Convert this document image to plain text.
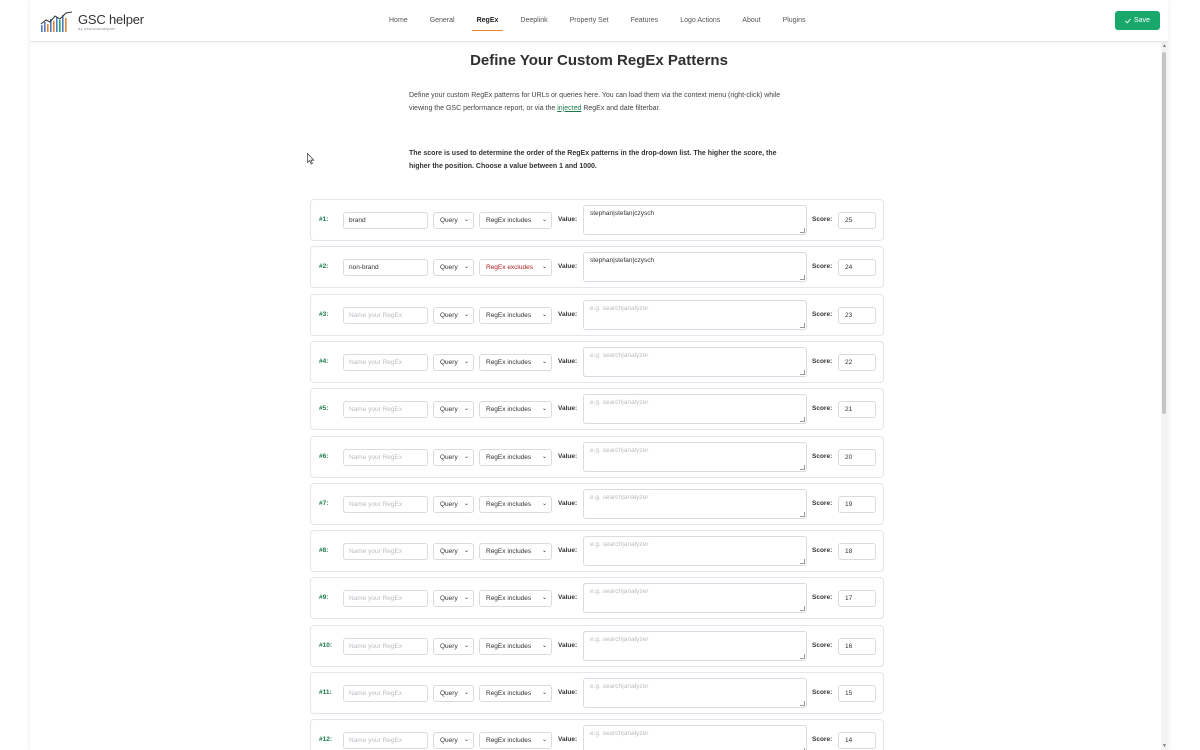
GSC helper
by searchanalyzer
Home	General	RegEx	Deeplink	Property Set	Features	Logo Actions	About	Plugins	Save
Define Your Custom RegEx Patterns

Define your custom RegEx patterns for URLs or queries here. You can load them via the context menu (right-click) while viewing the GSC performance report, or via the injected RegEx and date filterbar.

The score is used to determine the order of the RegEx patterns in the drop-down list. The higher the score, the higher the position. Choose a value between 1 and 1000.

#1:	brand	Query ⌄	RegEx includes ⌄ Value:
stephan|stefan|czysch
Score:	25
#2:	non-brand	Query ⌄	RegEx excludes ⌄ Value:
stephan|stefan|czysch
Score:	24
#3:	Name your RegEx	Query ⌄	RegEx includes ⌄ Value:
e.g. search|analyzer
Score:	23
#4:	Name your RegEx	Query ⌄	RegEx includes ⌄ Value:
e.g. search|analyzer
Score:	22
#5:	Name your RegEx	Query ⌄	RegEx includes ⌄ Value:
e.g. search|analyzer
Score:	21
#6:	Name your RegEx	Query ⌄	RegEx includes ⌄ Value:
e.g. search|analyzer
Score:	20
#7:	Name your RegEx	Query ⌄	RegEx includes ⌄ Value:
e.g. search|analyzer
Score:	19
#8:	Name your RegEx	Query ⌄	RegEx includes ⌄ Value:
e.g. search|analyzer
Score:	18
#9:	Name your RegEx	Query ⌄	RegEx includes ⌄ Value:
e.g. search|analyzer
Score:	17
#10:	Name your RegEx	Query ⌄	RegEx includes ⌄ Value:
e.g. search|analyzer
Score:	16
#11:	Name your RegEx	Query ⌄	RegEx includes ⌄ Value:
e.g. search|analyzer
Score:	15
#12:	Name your RegEx	Query ⌄	RegEx includes ⌄ Value:
e.g. search|analyzer
Score:	14
▲
▼
